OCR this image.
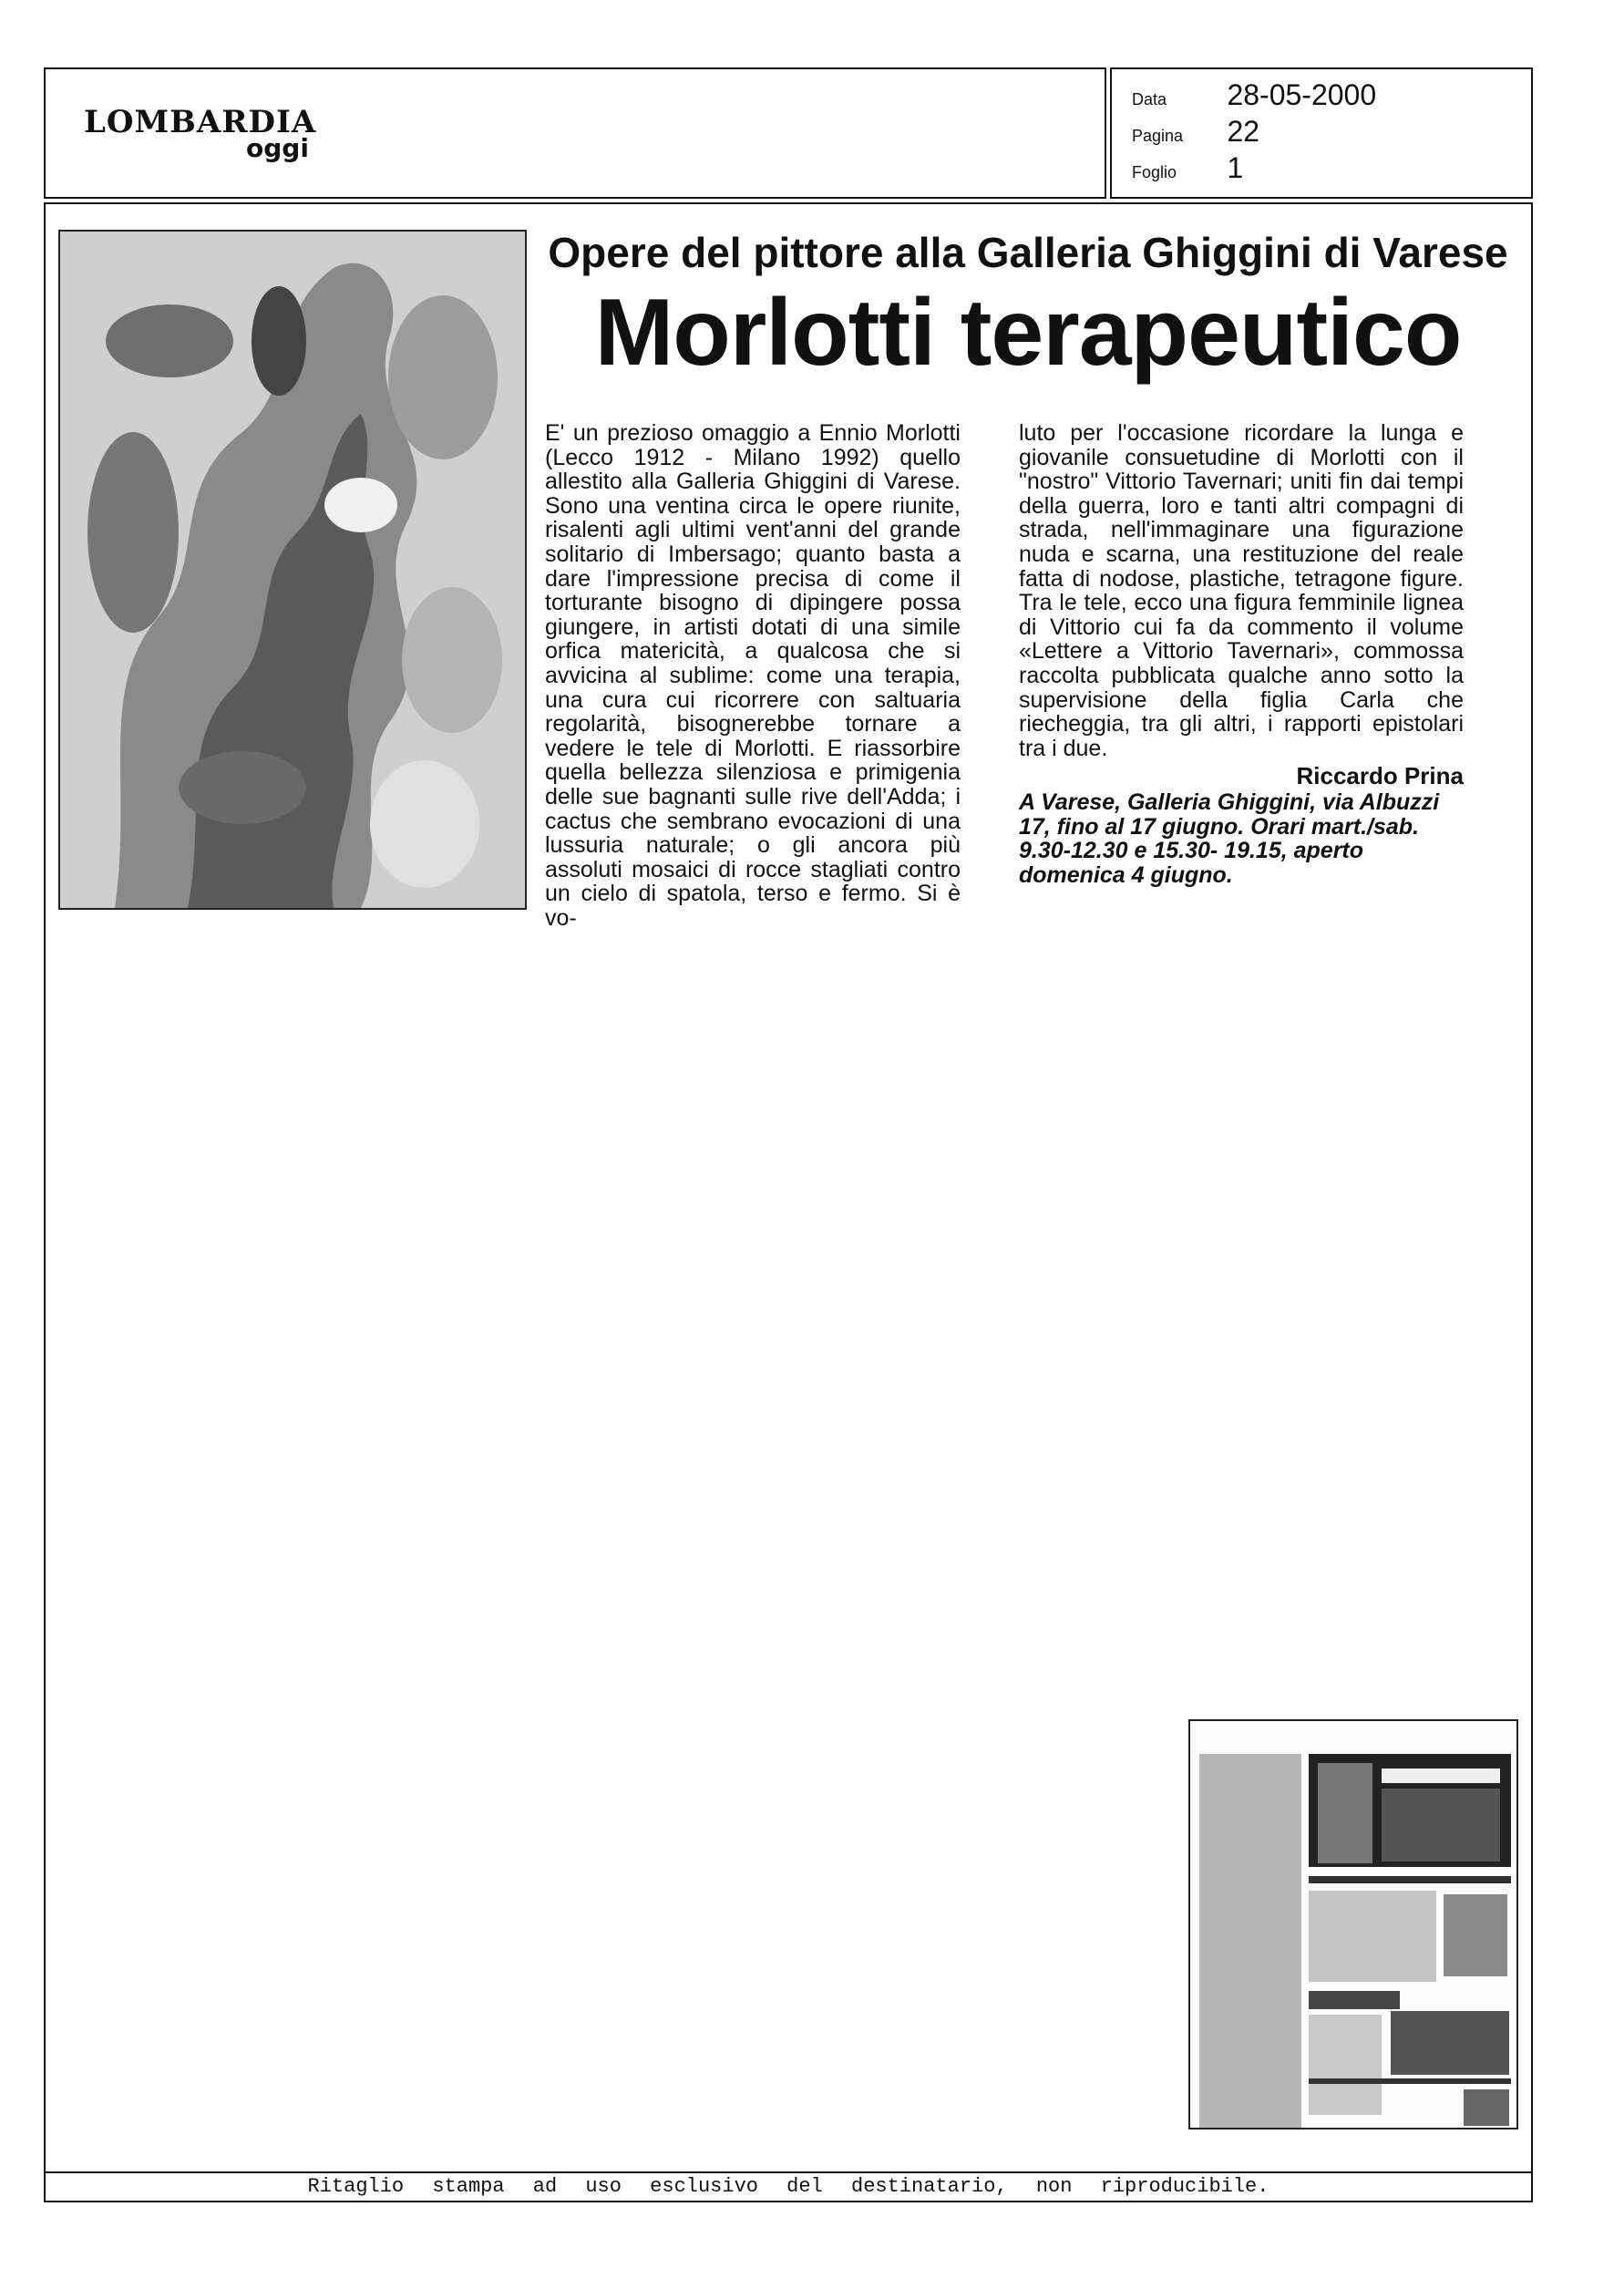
LOMBARDIA
oggi
Data 28-05-2000
Pagina 22
Foglio 1
Opere del pittore alla Galleria Ghiggini di Varese
Morlotti terapeutico
E' un prezioso omaggio a Ennio Morlotti (Lecco 1912 - Milano 1992) quello allestito alla Galleria Ghiggini di Varese. Sono una ventina circa le opere riunite, risalenti agli ultimi vent'anni del grande solitario di Imbersago; quanto basta a dare l'impressione precisa di come il torturante bisogno di dipingere possa giungere, in artisti dotati di una simile orfica matericità, a qualcosa che si avvicina al sublime: come una terapia, una cura cui ricorrere con saltuaria regolarità, bisognerebbe tornare a vedere le tele di Morlotti. E riassorbire quella bellezza silenziosa e primigenia delle sue bagnanti sulle rive dell'Adda; i cactus che sembrano evocazioni di una lussuria naturale; o gli ancora più assoluti mosaici di rocce stagliati contro un cielo di spatola, terso e fermo. Si è vo-
luto per l'occasione ricordare la lunga e giovanile consuetudine di Morlotti con il "nostro" Vittorio Tavernari; uniti fin dai tempi della guerra, loro e tanti altri compagni di strada, nell'immaginare una figurazione nuda e scarna, una restituzione del reale fatta di nodose, plastiche, tetragone figure. Tra le tele, ecco una figura femminile lignea di Vittorio cui fa da commento il volume «Lettere a Vittorio Tavernari», commossa raccolta pubblicata qualche anno sotto la supervisione della figlia Carla che riecheggia, tra gli altri, i rapporti epistolari tra i due.
Riccardo Prina
A Varese, Galleria Ghiggini, via Albuzzi 17, fino al 17 giugno. Orari mart./sab. 9.30-12.30 e 15.30- 19.15, aperto domenica 4 giugno.
Ritaglio stampa ad uso esclusivo del destinatario, non riproducibile.
